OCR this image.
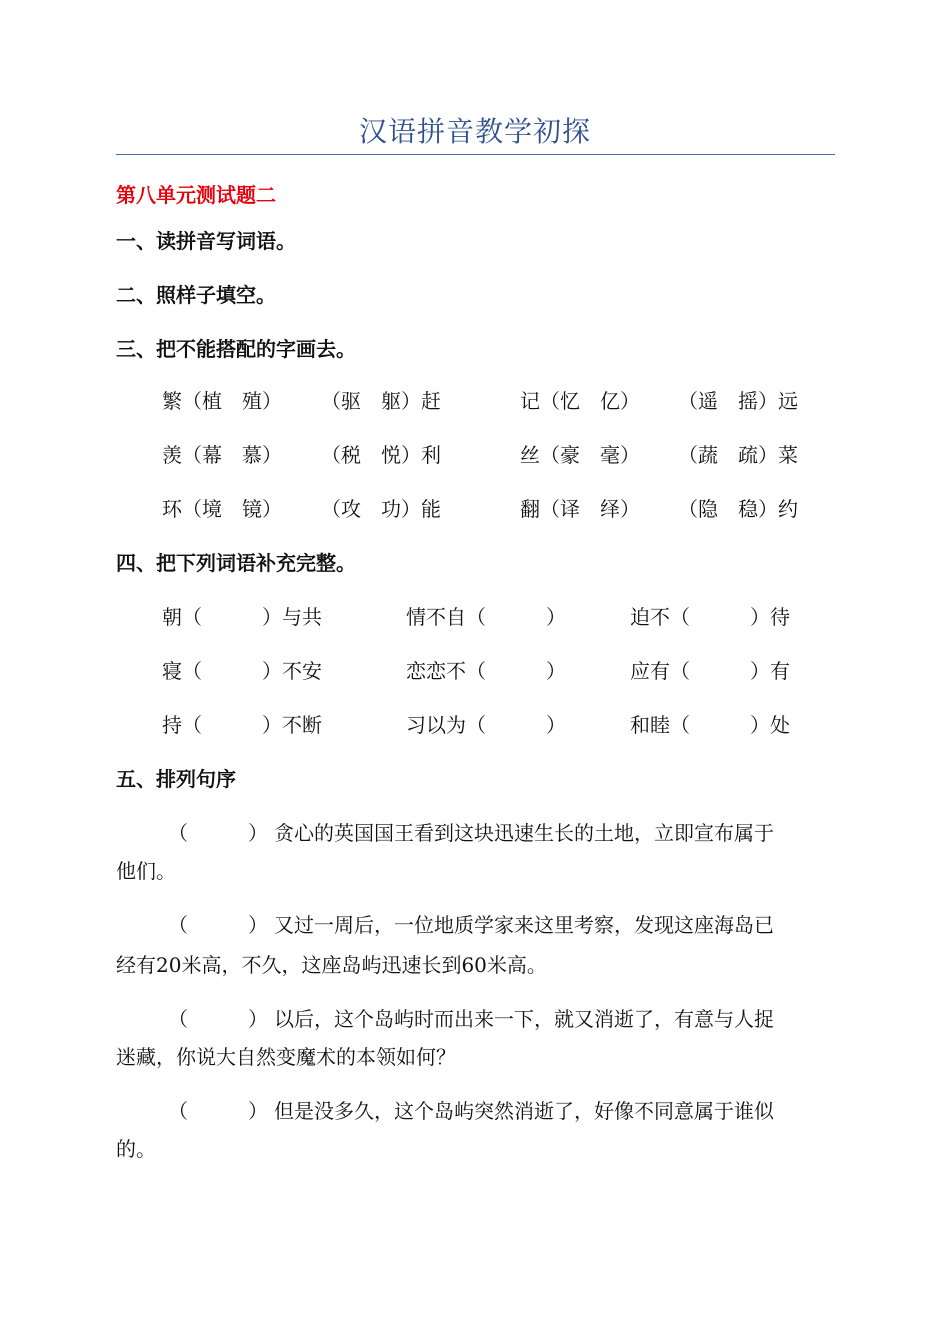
汉语拼音教学初探
第八单元测试题二
一、读拼音写词语。
二、照样子填空。
三、把不能搭配的字画去。
繁（植　殖） （驱　躯）赶	记（忆　亿） （遥　摇）远
羡（幕　慕） （税　悦）利	丝（豪　毫） （蔬　疏）菜
环（境　镜） （攻　功）能	翻（译　绎） （隐　稳）约
四、把下列词语补充完整。
朝（　　　）与共	情不自（　　　）	迫不（　　　）待
寝（　　　）不安	恋恋不（　　　）	应有（　　　）有
持（　　　）不断	习以为（　　　）	和睦（　　　）处
五、排列句序
（　　　） 贪心的英国国王看到这块迅速生长的土地，立即宣布属于
他们。
（　　　） 又过一周后，一位地质学家来这里考察，发现这座海岛已
经有20米高，不久，这座岛屿迅速长到60米高。
（　　　） 以后，这个岛屿时而出来一下，就又消逝了，有意与人捉
迷藏，你说大自然变魔术的本领如何？
（　　　） 但是没多久，这个岛屿突然消逝了，好像不同意属于谁似
的。
